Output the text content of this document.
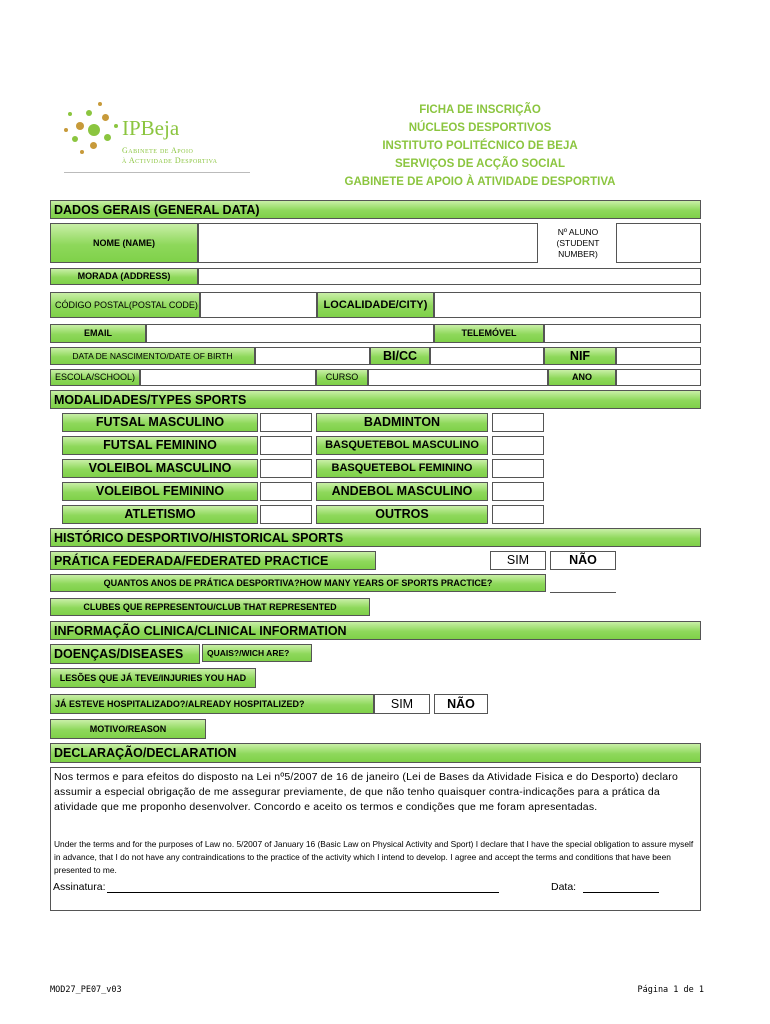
IPBeja
Gabinete de Apoio
à Actividade Desportiva
FICHA DE INSCRIÇÃO
NÚCLEOS DESPORTIVOS
INSTITUTO POLITÉCNICO DE BEJA
SERVIÇOS DE ACÇÃO SOCIAL
GABINETE DE APOIO À ATIVIDADE DESPORTIVA
DADOS GERAIS (GENERAL DATA)
NOME (NAME)
Nº ALUNO (STUDENT NUMBER)
MORADA (ADDRESS)
CÓDIGO POSTAL(POSTAL CODE)	LOCALIDADE/CITY)
EMAIL	TELEMÓVEL
DATA DE NASCIMENTO/DATE OF BIRTH	BI/CC	NIF
ESCOLA/SCHOOL)	CURSO	ANO
MODALIDADES/TYPES SPORTS
FUTSAL MASCULINO	BADMINTON
FUTSAL FEMININO	BASQUETEBOL MASCULINO
VOLEIBOL MASCULINO	BASQUETEBOL FEMININO
VOLEIBOL FEMININO	ANDEBOL MASCULINO
ATLETISMO	OUTROS
HISTÓRICO DESPORTIVO/HISTORICAL SPORTS
PRÁTICA FEDERADA/FEDERATED PRACTICE	SIM	NÃO
QUANTOS ANOS DE PRÁTICA DESPORTIVA?HOW MANY YEARS OF SPORTS PRACTICE?
CLUBES QUE REPRESENTOU/CLUB THAT REPRESENTED
INFORMAÇÃO CLINICA/CLINICAL INFORMATION
DOENÇAS/DISEASES	QUAIS?/WICH ARE?
LESÕES QUE JÁ TEVE/INJURIES YOU HAD
JÁ ESTEVE HOSPITALIZADO?/ALREADY HOSPITALIZED?	SIM	NÃO
MOTIVO/REASON
DECLARAÇÃO/DECLARATION
Nos termos e para efeitos do disposto na Lei nº5/2007 de 16 de janeiro (Lei de Bases da Atividade Fisica e do Desporto) declaro assumir a especial obrigação de me assegurar previamente, de que não tenho quaisquer contra-indicações para a prática da atividade que me proponho desenvolver. Concordo e aceito os termos e condições que me foram apresentadas.
Under the terms and for the purposes of Law no. 5/2007 of January 16 (Basic Law on Physical Activity and Sport) I declare that I have the special obligation to assure myself in advance, that I do not have any contraindications to the practice of the activity which I intend to develop. I agree and accept the terms and conditions that have been presented to me.
Assinatura:	Data:
MOD27_PE07_v03	Página 1 de 1
